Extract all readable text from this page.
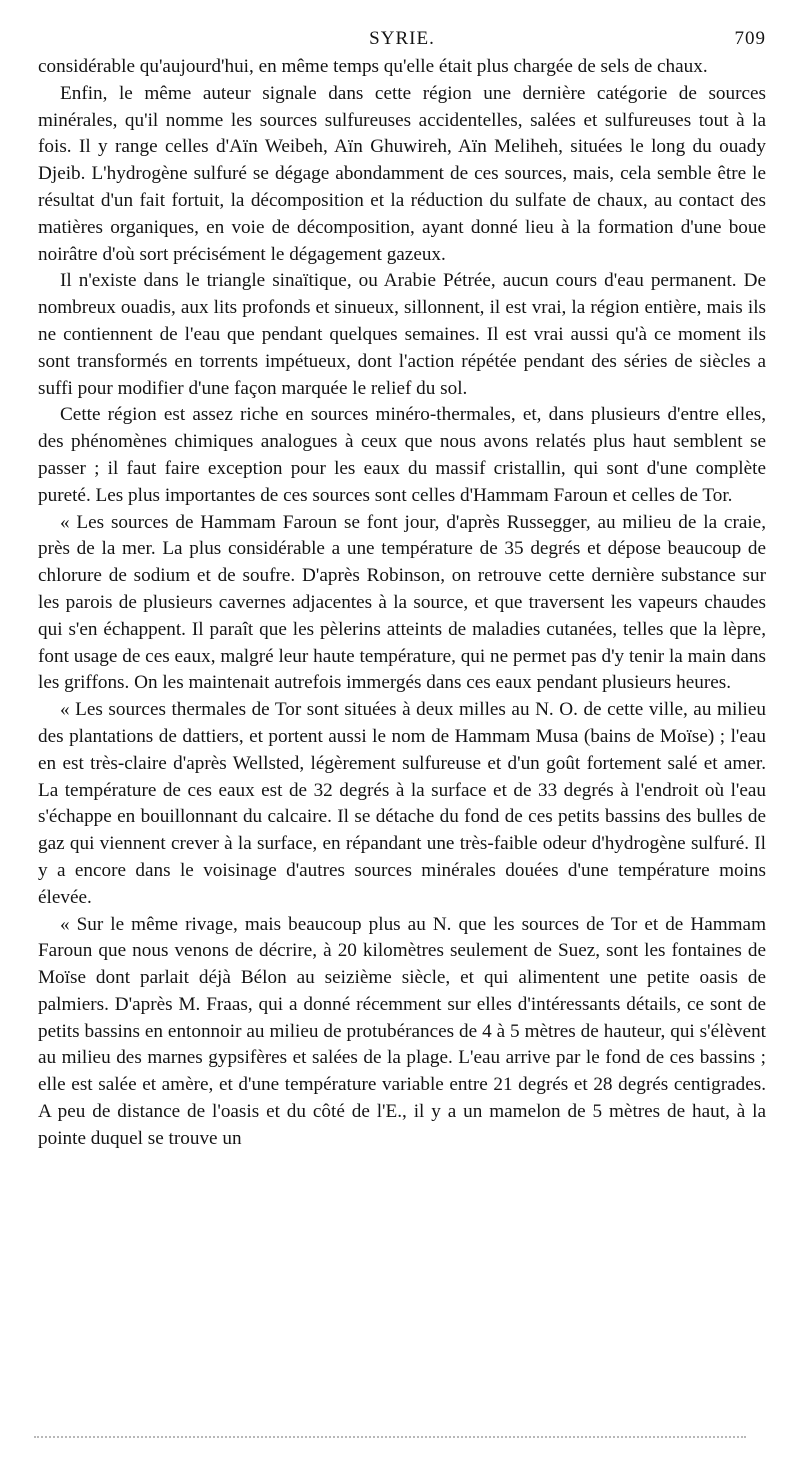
SYRIE.	709

considérable qu'aujourd'hui, en même temps qu'elle était plus chargée de sels de chaux.

Enfin, le même auteur signale dans cette région une dernière catégorie de sources minérales, qu'il nomme les sources sulfureuses accidentelles, salées et sulfureuses tout à la fois. Il y range celles d'Aïn Weibeh, Aïn Ghuwireh, Aïn Meliheh, situées le long du ouady Djeib. L'hydrogène sulfuré se dégage abondamment de ces sources, mais, cela semble être le résultat d'un fait fortuit, la décomposition et la réduction du sulfate de chaux, au contact des matières organiques, en voie de décomposition, ayant donné lieu à la formation d'une boue noirâtre d'où sort précisément le dégagement gazeux.

Il n'existe dans le triangle sinaïtique, ou Arabie Pétrée, aucun cours d'eau permanent. De nombreux ouadis, aux lits profonds et sinueux, sillonnent, il est vrai, la région entière, mais ils ne contiennent de l'eau que pendant quelques semaines. Il est vrai aussi qu'à ce moment ils sont transformés en torrents impétueux, dont l'action répétée pendant des séries de siècles a suffi pour modifier d'une façon marquée le relief du sol.

Cette région est assez riche en sources minéro-thermales, et, dans plusieurs d'entre elles, des phénomènes chimiques analogues à ceux que nous avons relatés plus haut semblent se passer ; il faut faire exception pour les eaux du massif cristallin, qui sont d'une complète pureté. Les plus importantes de ces sources sont celles d'Hammam Faroun et celles de Tor.

« Les sources de Hammam Faroun se font jour, d'après Russegger, au milieu de la craie, près de la mer. La plus considérable a une température de 35 degrés et dépose beaucoup de chlorure de sodium et de soufre. D'après Robinson, on retrouve cette dernière substance sur les parois de plusieurs cavernes adjacentes à la source, et que traversent les vapeurs chaudes qui s'en échappent. Il paraît que les pèlerins atteints de maladies cutanées, telles que la lèpre, font usage de ces eaux, malgré leur haute température, qui ne permet pas d'y tenir la main dans les griffons. On les maintenait autrefois immergés dans ces eaux pendant plusieurs heures.

« Les sources thermales de Tor sont situées à deux milles au N. O. de cette ville, au milieu des plantations de dattiers, et portent aussi le nom de Hammam Musa (bains de Moïse) ; l'eau en est très-claire d'après Wellsted, légèrement sulfureuse et d'un goût fortement salé et amer. La température de ces eaux est de 32 degrés à la surface et de 33 degrés à l'endroit où l'eau s'échappe en bouillonnant du calcaire. Il se détache du fond de ces petits bassins des bulles de gaz qui viennent crever à la surface, en répandant une très-faible odeur d'hydrogène sulfuré. Il y a encore dans le voisinage d'autres sources minérales douées d'une température moins élevée.

« Sur le même rivage, mais beaucoup plus au N. que les sources de Tor et de Hammam Faroun que nous venons de décrire, à 20 kilomètres seulement de Suez, sont les fontaines de Moïse dont parlait déjà Bélon au seizième siècle, et qui alimentent une petite oasis de palmiers. D'après M. Fraas, qui a donné récemment sur elles d'intéressants détails, ce sont de petits bassins en entonnoir au milieu de protubérances de 4 à 5 mètres de hauteur, qui s'élèvent au milieu des marnes gypsifères et salées de la plage. L'eau arrive par le fond de ces bassins ; elle est salée et amère, et d'une température variable entre 21 degrés et 28 degrés centigrades. A peu de distance de l'oasis et du côté de l'E., il y a un mamelon de 5 mètres de haut, à la pointe duquel se trouve un
